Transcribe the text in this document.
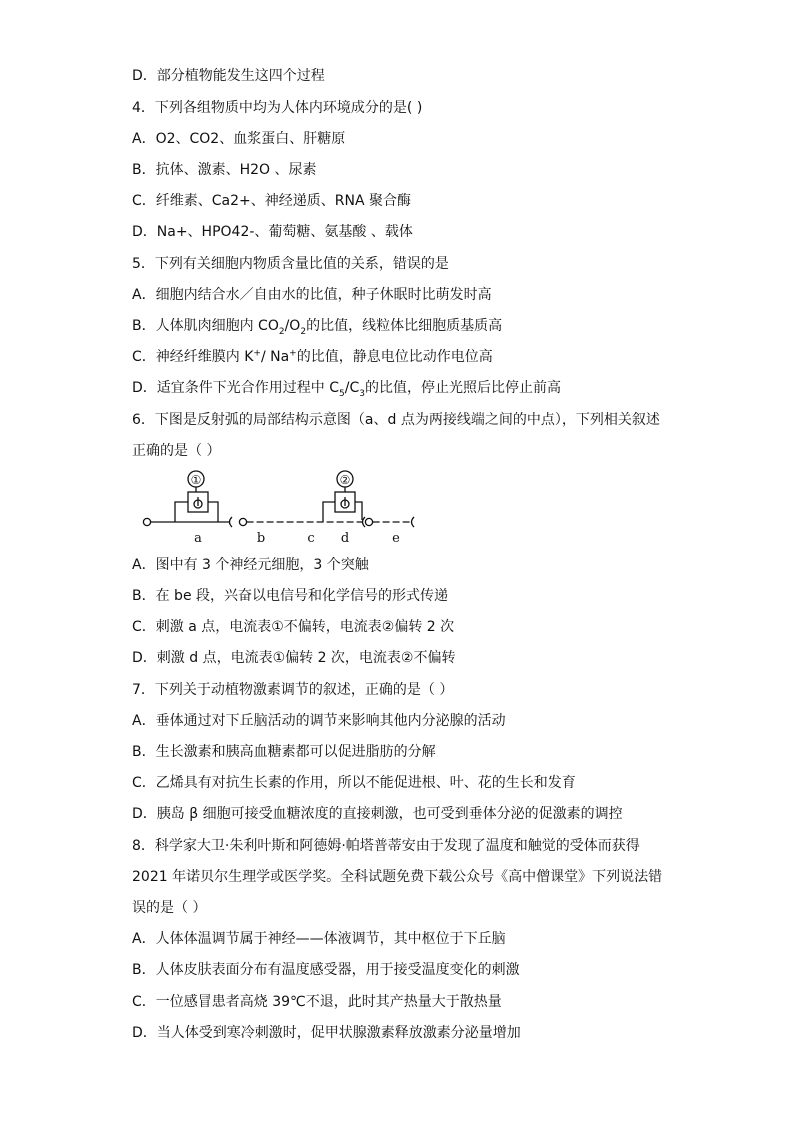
D．部分植物能发生这四个过程
4．下列各组物质中均为人体内环境成分的是( )
A．O2、CO2、血浆蛋白、肝糖原
B．抗体、激素、H2O 、尿素
C．纤维素、Ca2+、神经递质、RNA 聚合酶
D．Na+、HPO42-、葡萄糖、氨基酸 、载体
5．下列有关细胞内物质含量比值的关系，错误的是
A．细胞内结合水／自由水的比值，种子休眠时比萌发时高
B．人体肌肉细胞内 $CO_2/O_2$的比值，线粒体比细胞质基质高
C．神经纤维膜内 K+/ Na+的比值，静息电位比动作电位高
D．适宜条件下光合作用过程中 $C_5/C_3$的比值，停止光照后比停止前高
6．下图是反射弧的局部结构示意图（a、d 点为两接线端之间的中点），下列相关叙述
正确的是（ ）
①	②
a	b	c d	e
A．图中有 3 个神经元细胞，3 个突触
B．在 be 段，兴奋以电信号和化学信号的形式传递
C．刺激 a 点，电流表①不偏转，电流表②偏转 2 次
D．刺激 d 点，电流表①偏转 2 次，电流表②不偏转
7．下列关于动植物激素调节的叙述，正确的是（ ）
A．垂体通过对下丘脑活动的调节来影响其他内分泌腺的活动
B．生长激素和胰高血糖素都可以促进脂肪的分解
C．乙烯具有对抗生长素的作用，所以不能促进根、叶、花的生长和发育
D．胰岛 β 细胞可接受血糖浓度的直接刺激，也可受到垂体分泌的促激素的调控
8．科学家大卫·朱利叶斯和阿德姆·帕塔普蒂安由于发现了温度和触觉的受体而获得
2021 年诺贝尔生理学或医学奖。全科试题免费下载公众号《高中僧课堂》下列说法错
误的是（ ）
A．人体体温调节属于神经——体液调节，其中枢位于下丘脑
B．人体皮肤表面分布有温度感受器，用于接受温度变化的刺激
C．一位感冒患者高烧 39℃不退，此时其产热量大于散热量
D．当人体受到寒冷刺激时，促甲状腺激素释放激素分泌量增加
